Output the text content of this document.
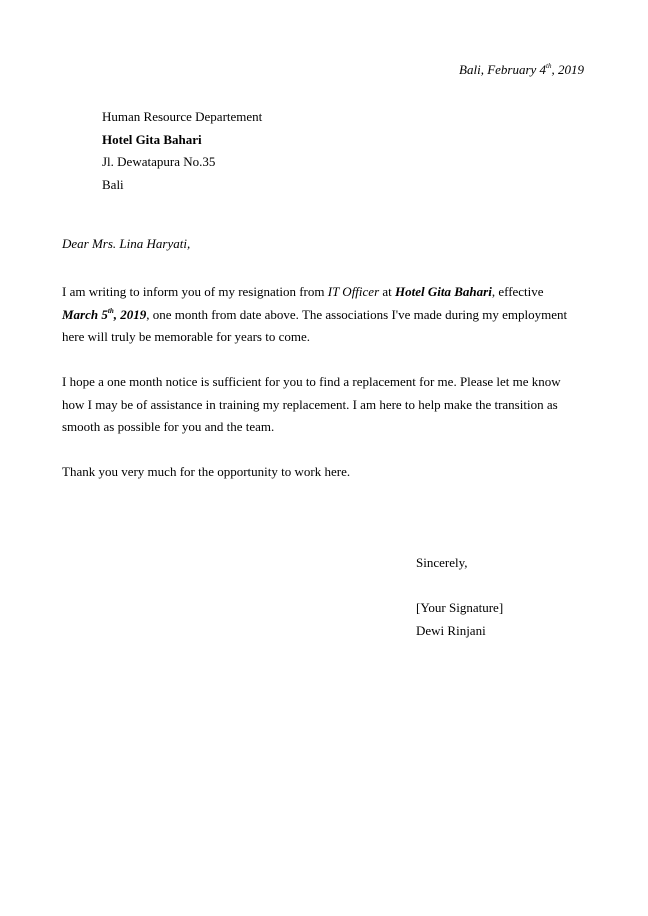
Bali, February 4th, 2019
Human Resource Departement
Hotel Gita Bahari
Jl. Dewatapura No.35
Bali
Dear Mrs. Lina Haryati,
I am writing to inform you of my resignation from IT Officer at Hotel Gita Bahari, effective
March 5th, 2019, one month from date above. The associations I've made during my employment
here will truly be memorable for years to come.
I hope a one month notice is sufficient for you to find a replacement for me. Please let me know
how I may be of assistance in training my replacement. I am here to help make the transition as
smooth as possible for you and the team.
Thank you very much for the opportunity to work here.
Sincerely,
[Your Signature]
Dewi Rinjani
